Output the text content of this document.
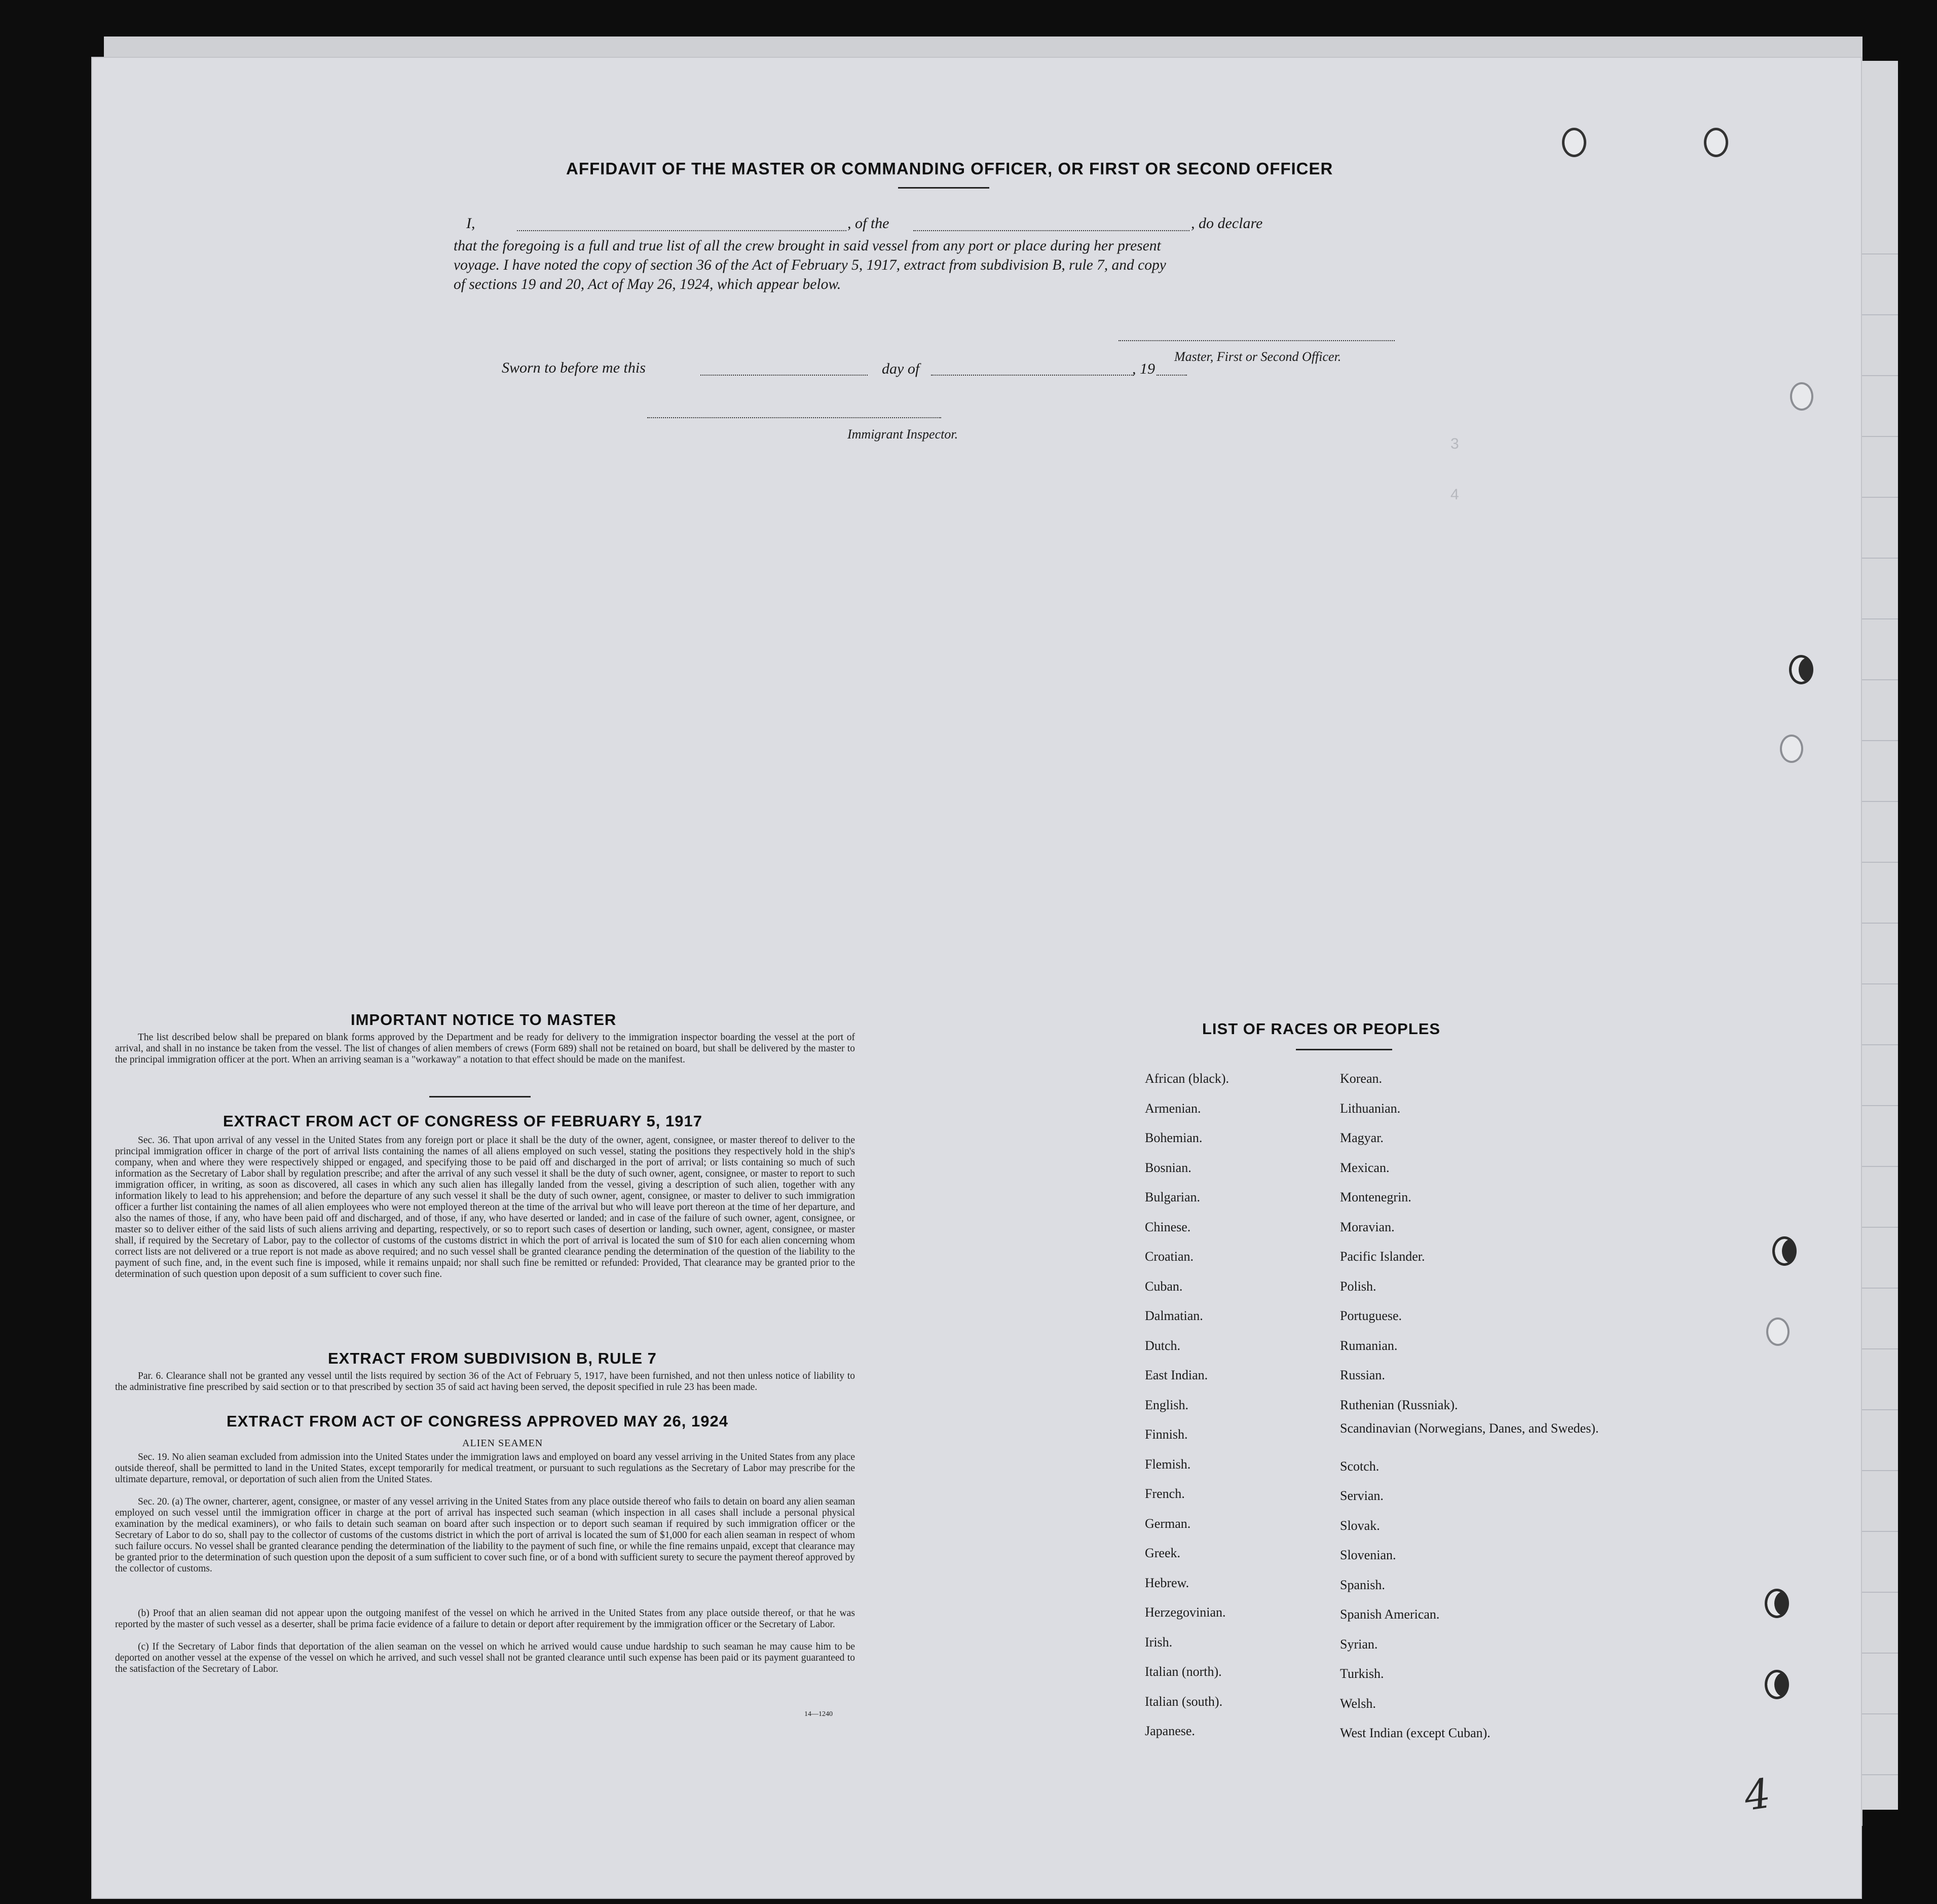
3
4
AFFIDAVIT OF THE MASTER OR COMMANDING OFFICER, OR FIRST OR SECOND OFFICER
I,	, of the	, do declare
that the foregoing is a full and true list of all the crew brought in said vessel from any port or place during her present
voyage. I have noted the copy of section 36 of the Act of February 5, 1917, extract from subdivision B, rule 7, and copy
of sections 19 and 20, Act of May 26, 1924, which appear below.
Master, First or Second Officer.
Sworn to before me this	day of	, 19
Immigrant Inspector.
IMPORTANT NOTICE TO MASTER
The list described below shall be prepared on blank forms approved by the Department and be ready for delivery to the immigration inspector boarding the vessel at the port of arrival, and shall in no instance be taken from the vessel. The list of changes of alien members of crews (Form 689) shall not be retained on board, but shall be delivered by the master to the principal immigration officer at the port. When an arriving seaman is a "workaway" a notation to that effect should be made on the manifest.
EXTRACT FROM ACT OF CONGRESS OF FEBRUARY 5, 1917
Sec. 36. That upon arrival of any vessel in the United States from any foreign port or place it shall be the duty of the owner, agent, consignee, or master thereof to deliver to the principal immigration officer in charge of the port of arrival lists containing the names of all aliens employed on such vessel, stating the positions they respectively hold in the ship's company, when and where they were respectively shipped or engaged, and specifying those to be paid off and discharged in the port of arrival; or lists containing so much of such information as the Secretary of Labor shall by regulation prescribe; and after the arrival of any such vessel it shall be the duty of such owner, agent, consignee, or master to report to such immigration officer, in writing, as soon as discovered, all cases in which any such alien has illegally landed from the vessel, giving a description of such alien, together with any information likely to lead to his apprehension; and before the departure of any such vessel it shall be the duty of such owner, agent, consignee, or master to deliver to such immigration officer a further list containing the names of all alien employees who were not employed thereon at the time of the arrival but who will leave port thereon at the time of her departure, and also the names of those, if any, who have been paid off and discharged, and of those, if any, who have deserted or landed; and in case of the failure of such owner, agent, consignee, or master so to deliver either of the said lists of such aliens arriving and departing, respectively, or so to report such cases of desertion or landing, such owner, agent, consignee, or master shall, if required by the Secretary of Labor, pay to the collector of customs of the customs district in which the port of arrival is located the sum of $10 for each alien concerning whom correct lists are not delivered or a true report is not made as above required; and no such vessel shall be granted clearance pending the determination of the question of the liability to the payment of such fine, and, in the event such fine is imposed, while it remains unpaid; nor shall such fine be remitted or refunded: Provided, That clearance may be granted prior to the determination of such question upon deposit of a sum sufficient to cover such fine.
EXTRACT FROM SUBDIVISION B, RULE 7
Par. 6. Clearance shall not be granted any vessel until the lists required by section 36 of the Act of February 5, 1917, have been furnished, and not then unless notice of liability to the administrative fine prescribed by said section or to that prescribed by section 35 of said act having been served, the deposit specified in rule 23 has been made.
EXTRACT FROM ACT OF CONGRESS APPROVED MAY 26, 1924
ALIEN SEAMEN
Sec. 19. No alien seaman excluded from admission into the United States under the immigration laws and employed on board any vessel arriving in the United States from any place outside thereof, shall be permitted to land in the United States, except temporarily for medical treatment, or pursuant to such regulations as the Secretary of Labor may prescribe for the ultimate departure, removal, or deportation of such alien from the United States.
Sec. 20. (a) The owner, charterer, agent, consignee, or master of any vessel arriving in the United States from any place outside thereof who fails to detain on board any alien seaman employed on such vessel until the immigration officer in charge at the port of arrival has inspected such seaman (which inspection in all cases shall include a personal physical examination by the medical examiners), or who fails to detain such seaman on board after such inspection or to deport such seaman if required by such immigration officer or the Secretary of Labor to do so, shall pay to the collector of customs of the customs district in which the port of arrival is located the sum of $1,000 for each alien seaman in respect of whom such failure occurs. No vessel shall be granted clearance pending the determination of the liability to the payment of such fine, or while the fine remains unpaid, except that clearance may be granted prior to the determination of such question upon the deposit of a sum sufficient to cover such fine, or of a bond with sufficient surety to secure the payment thereof approved by the collector of customs.
(b) Proof that an alien seaman did not appear upon the outgoing manifest of the vessel on which he arrived in the United States from any place outside thereof, or that he was reported by the master of such vessel as a deserter, shall be prima facie evidence of a failure to detain or deport after requirement by the immigration officer or the Secretary of Labor.
(c) If the Secretary of Labor finds that deportation of the alien seaman on the vessel on which he arrived would cause undue hardship to such seaman he may cause him to be deported on another vessel at the expense of the vessel on which he arrived, and such vessel shall not be granted clearance until such expense has been paid or its payment guaranteed to the satisfaction of the Secretary of Labor.
14—1240
LIST OF RACES OR PEOPLES
African (black).
Armenian.
Bohemian.
Bosnian.
Bulgarian.
Chinese.
Croatian.
Cuban.
Dalmatian.
Dutch.
East Indian.
English.
Finnish.
Flemish.
French.
German.
Greek.
Hebrew.
Herzegovinian.
Irish.
Italian (north).
Italian (south).
Japanese.
Korean.
Lithuanian.
Magyar.
Mexican.
Montenegrin.
Moravian.
Pacific Islander.
Polish.
Portuguese.
Rumanian.
Russian.
Ruthenian (Russniak).
Scandinavian (Norwegians, Danes, and Swedes).
Scotch.
Servian.
Slovak.
Slovenian.
Spanish.
Spanish American.
Syrian.
Turkish.
Welsh.
West Indian (except Cuban).
4
